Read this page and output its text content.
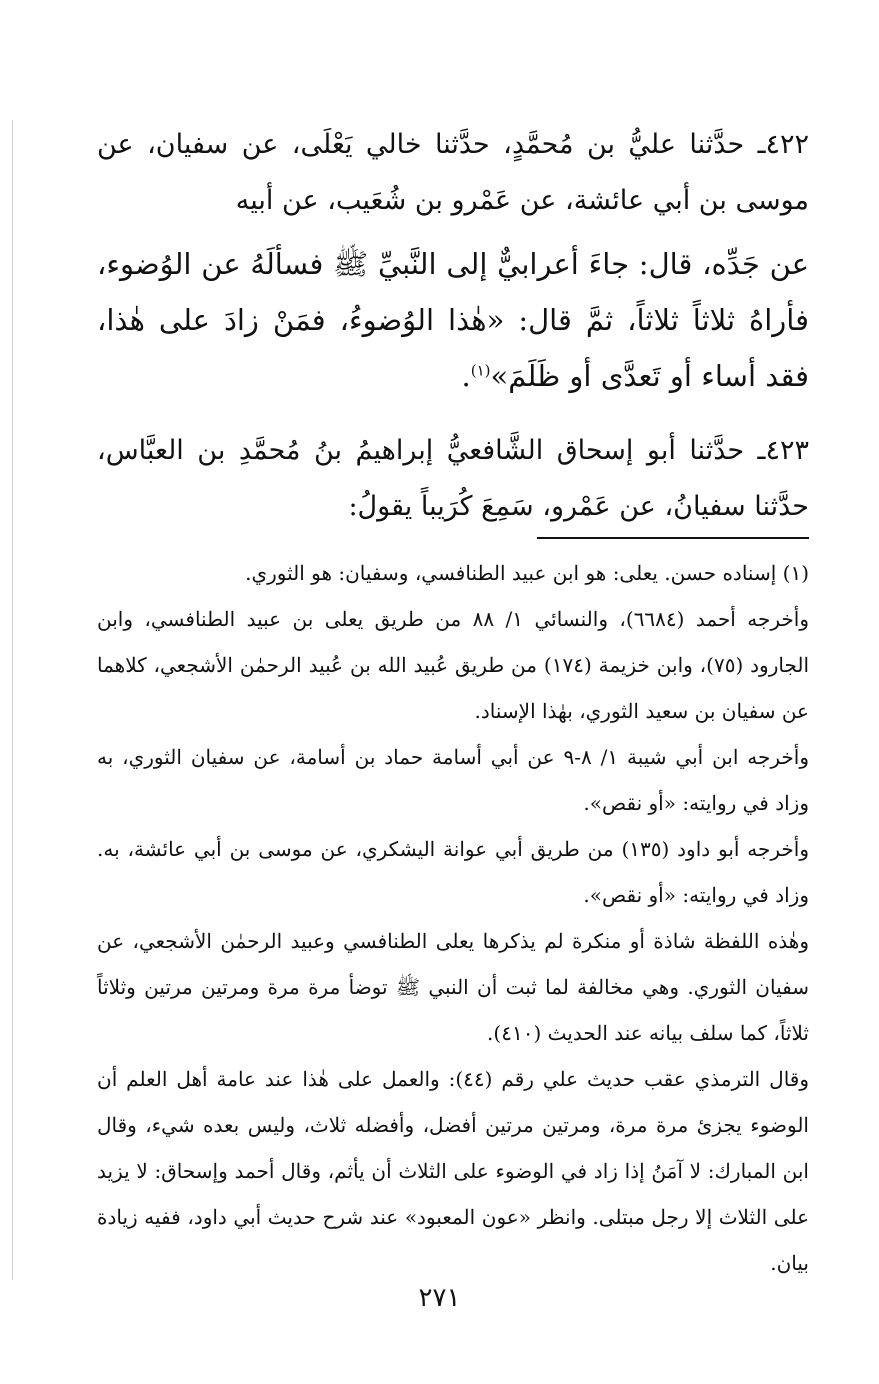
٤٢٢ـ حدَّثنا عليُّ بن مُحمَّدٍ، حدَّثنا خالي يَعْلَى، عن سفيان، عن موسى بن أبي عائشة، عن عَمْرو بن شُعَيب، عن أبيه

عن جَدِّه، قال: جاءَ أعرابيٌّ إلى النَّبيِّ ﷺ فسألَهُ عن الوُضوء، فأراهُ ثلاثاً ثلاثاً، ثمَّ قال: «هٰذا الوُضوءُ، فمَنْ زادَ على هٰذا، فقد أساء أو تَعدَّى أو ظَلَمَ»$^{(١)}$.

٤٢٣ـ حدَّثنا أبو إسحاق الشَّافعيُّ إبراهيمُ بنُ مُحمَّدِ بن العبَّاس، حدَّثنا سفيانُ، عن عَمْرو، سَمِعَ كُرَيباً يقولُ:

(١) إسناده حسن. يعلى: هو ابن عبيد الطنافسي، وسفيان: هو الثوري.

وأخرجه أحمد (٦٦٨٤)، والنسائي ١/ ٨٨ من طريق يعلى بن عبيد الطنافسي، وابن الجارود (٧٥)، وابن خزيمة (١٧٤) من طريق عُبيد الله بن عُبيد الرحمٰن الأشجعي، كلاهما عن سفيان بن سعيد الثوري، بهٰذا الإسناد.

وأخرجه ابن أبي شيبة ١/ ٨-٩ عن أبي أسامة حماد بن أسامة، عن سفيان الثوري، به وزاد في روايته: «أو نقص».

وأخرجه أبو داود (١٣٥) من طريق أبي عوانة اليشكري، عن موسى بن أبي عائشة، به. وزاد في روايته: «أو نقص».

وهٰذه اللفظة شاذة أو منكرة لم يذكرها يعلى الطنافسي وعبيد الرحمٰن الأشجعي، عن سفيان الثوري. وهي مخالفة لما ثبت أن النبي ﷺ توضأ مرة مرة ومرتين مرتين وثلاثاً ثلاثاً، كما سلف بيانه عند الحديث (٤١٠).

وقال الترمذي عقب حديث علي رقم (٤٤): والعمل على هٰذا عند عامة أهل العلم أن الوضوء يجزئ مرة مرة، ومرتين مرتين أفضل، وأفضله ثلاث، وليس بعده شيء، وقال ابن المبارك: لا آمَنُ إذا زاد في الوضوء على الثلاث أن يأثم، وقال أحمد وإسحاق: لا يزيد على الثلاث إلا رجل مبتلى. وانظر «عون المعبود» عند شرح حديث أبي داود، ففيه زيادة بيان.

٢٧١
